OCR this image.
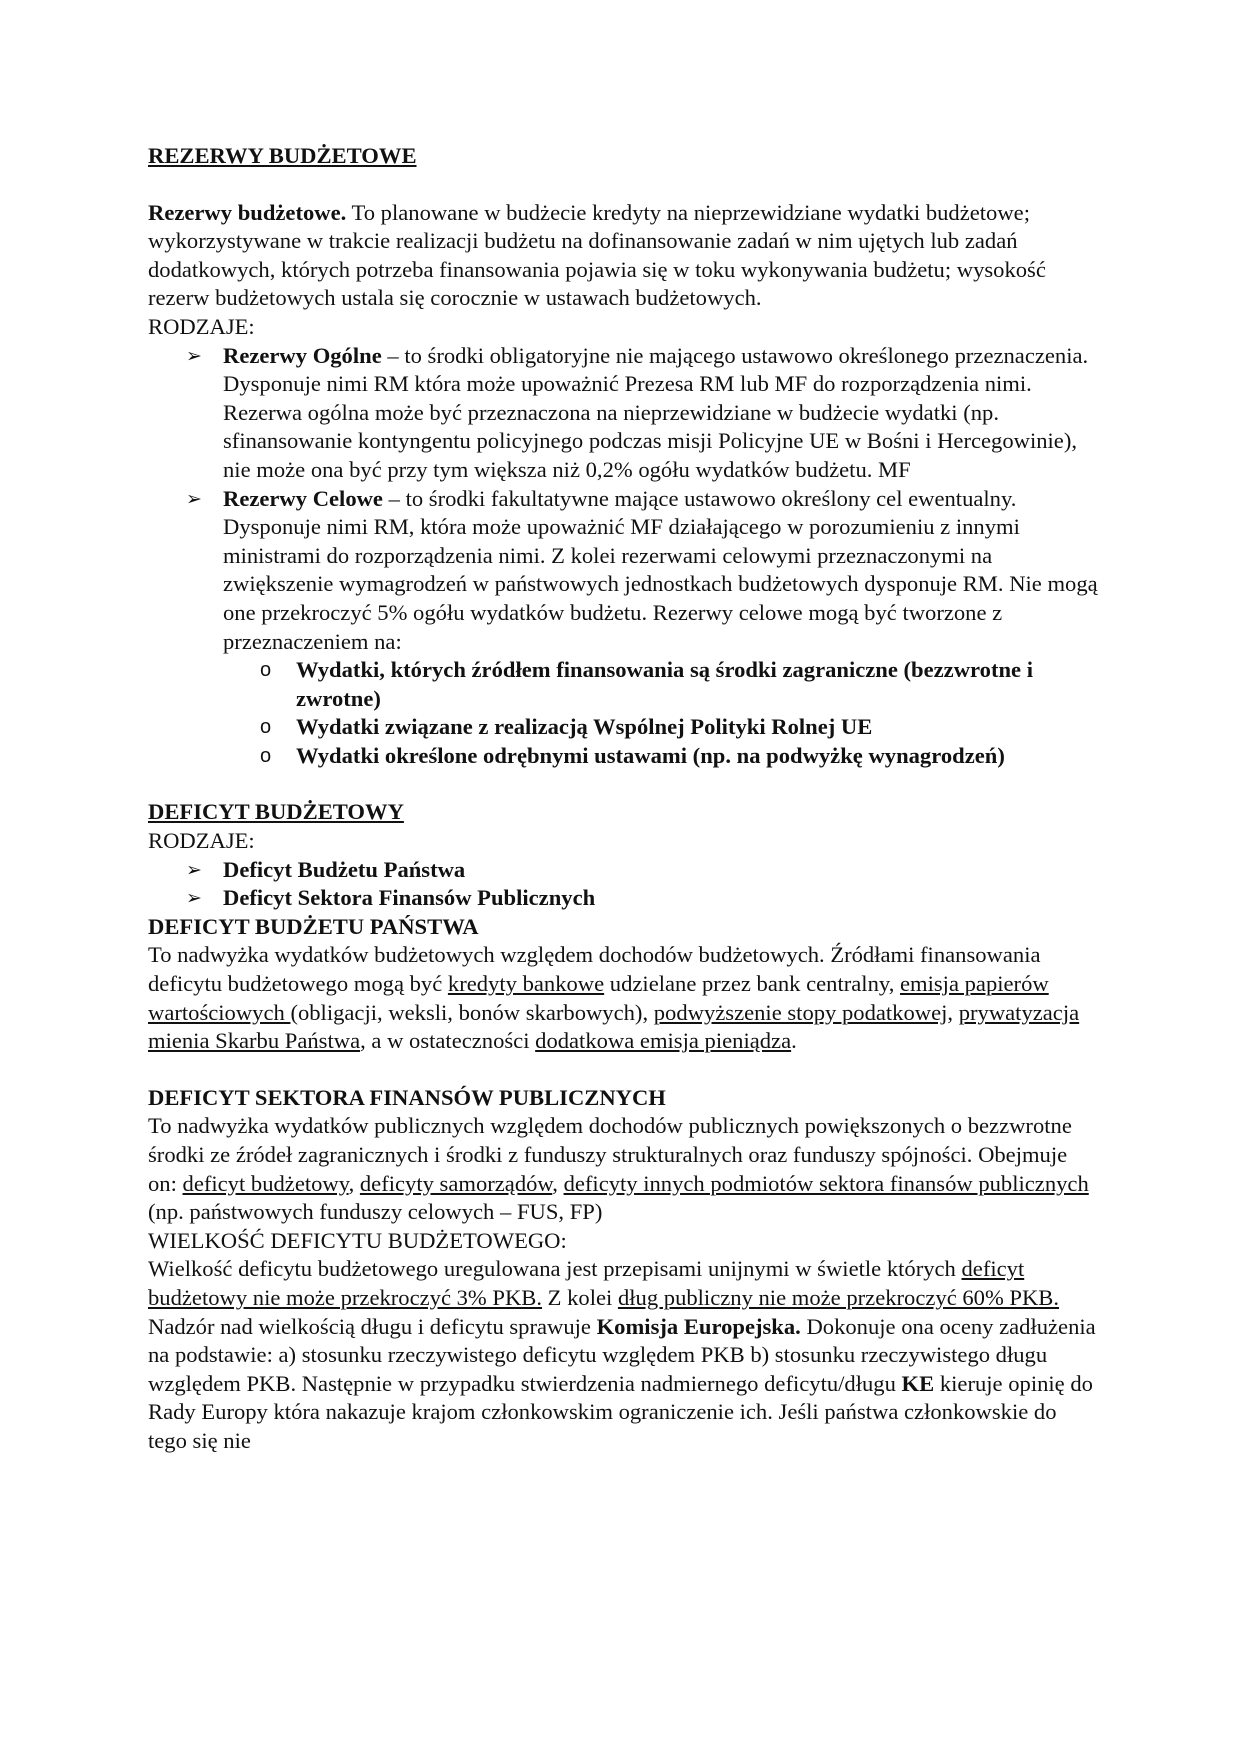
REZERWY BUDŻETOWE

Rezerwy budżetowe. To planowane w budżecie kredyty na nieprzewidziane wydatki budżetowe; wykorzystywane w trakcie realizacji budżetu na dofinansowanie zadań w nim ujętych lub zadań dodatkowych, których potrzeba finansowania pojawia się w toku wykonywania budżetu; wysokość rezerw budżetowych ustala się corocznie w ustawach budżetowych.

RODZAJE:

➢ Rezerwy Ogólne – to środki obligatoryjne nie mającego ustawowo określonego przeznaczenia. Dysponuje nimi RM która może upoważnić Prezesa RM lub MF do rozporządzenia nimi. Rezerwa ogólna może być przeznaczona na nieprzewidziane w budżecie wydatki (np. sfinansowanie kontyngentu policyjnego podczas misji Policyjne UE w Bośni i Hercegowinie), nie może ona być przy tym większa niż 0,2% ogółu wydatków budżetu. MF
➢ Rezerwy Celowe – to środki fakultatywne mające ustawowo określony cel ewentualny. Dysponuje nimi RM, która może upoważnić MF działającego w porozumieniu z innymi ministrami do rozporządzenia nimi. Z kolei rezerwami celowymi przeznaczonymi na zwiększenie wymagrodzeń w państwowych jednostkach budżetowych dysponuje RM. Nie mogą one przekroczyć 5% ogółu wydatków budżetu. Rezerwy celowe mogą być tworzone z przeznaczeniem na:
o	Wydatki, których źródłem finansowania są środki zagraniczne (bezzwrotne i zwrotne)
o	Wydatki związane z realizacją Wspólnej Polityki Rolnej UE
o	Wydatki określone odrębnymi ustawami (np. na podwyżkę wynagrodzeń)

DEFICYT BUDŻETOWY

RODZAJE:

➢ Deficyt Budżetu Państwa
➢ Deficyt Sektora Finansów Publicznych

DEFICYT BUDŻETU PAŃSTWA

To nadwyżka wydatków budżetowych względem dochodów budżetowych. Źródłami finansowania deficytu budżetowego mogą być kredyty bankowe udzielane przez bank centralny, emisja papierów wartościowych (obligacji, weksli, bonów skarbowych), podwyższenie stopy podatkowej, prywatyzacja mienia Skarbu Państwa, a w ostateczności dodatkowa emisja pieniądza.

DEFICYT SEKTORA FINANSÓW PUBLICZNYCH

To nadwyżka wydatków publicznych względem dochodów publicznych powiększonych o bezzwrotne środki ze źródeł zagranicznych i środki z funduszy strukturalnych oraz funduszy spójności. Obejmuje on: deficyt budżetowy, deficyty samorządów, deficyty innych podmiotów sektora finansów publicznych (np. państwowych funduszy celowych – FUS, FP)

WIELKOŚĆ DEFICYTU BUDŻETOWEGO:

Wielkość deficytu budżetowego uregulowana jest przepisami unijnymi w świetle których deficyt budżetowy nie może przekroczyć 3% PKB. Z kolei dług publiczny nie może przekroczyć 60% PKB. Nadzór nad wielkością długu i deficytu sprawuje Komisja Europejska. Dokonuje ona oceny zadłużenia na podstawie: a) stosunku rzeczywistego deficytu względem PKB b) stosunku rzeczywistego długu względem PKB. Następnie w przypadku stwierdzenia nadmiernego deficytu/długu KE kieruje opinię do Rady Europy która nakazuje krajom członkowskim ograniczenie ich. Jeśli państwa członkowskie do tego się nie
